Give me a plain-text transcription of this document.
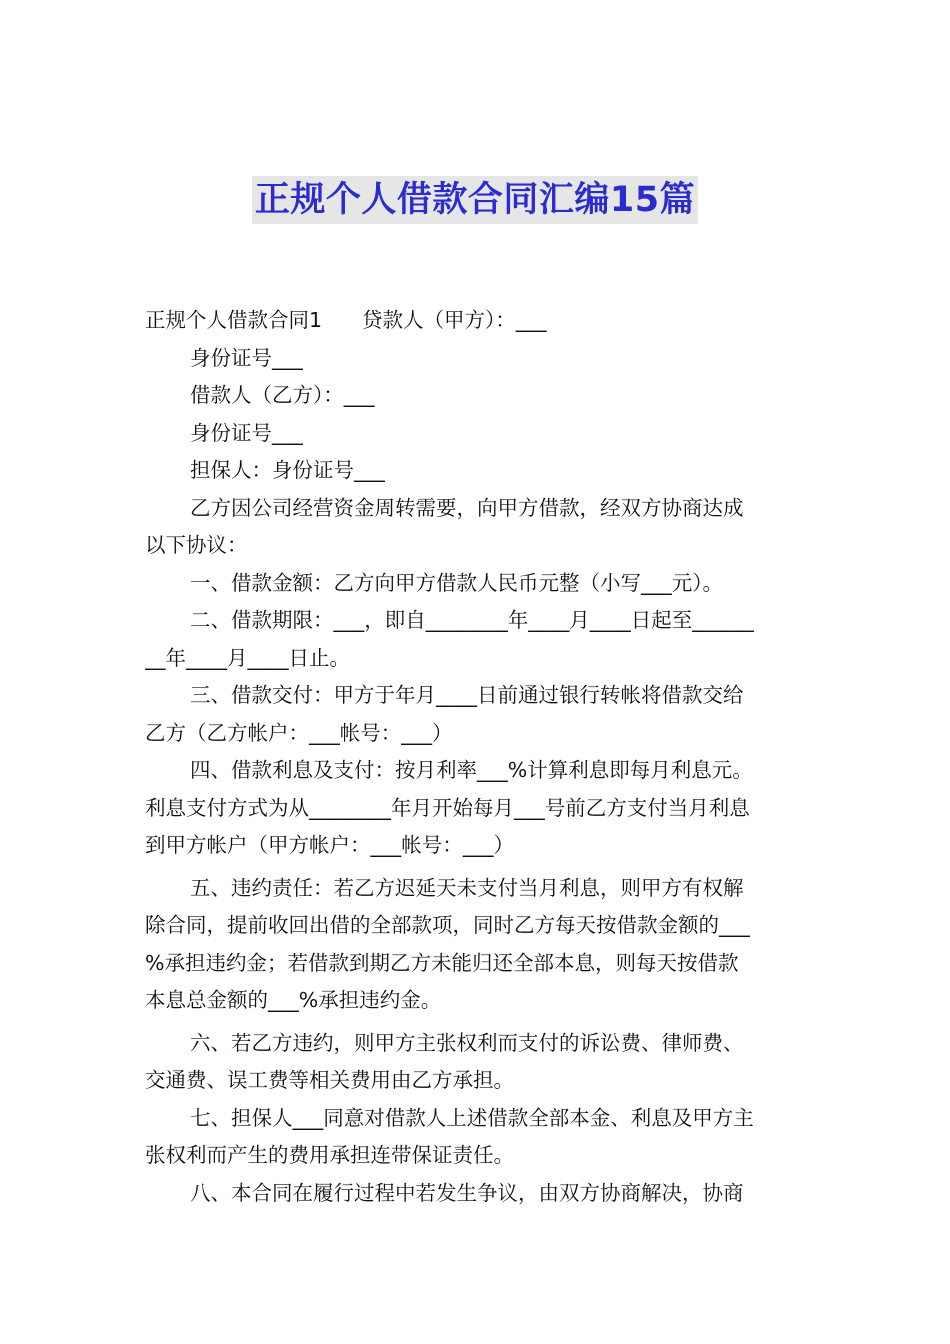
正规个人借款合同汇编15篇
正规个人借款合同1 贷款人（甲方）：___
身份证号___
借款人（乙方）：___
身份证号___
担保人：身份证号___
乙方因公司经营资金周转需要，向甲方借款，经双方协商达成
以下协议：
一、借款金额：乙方向甲方借款人民币元整（小写___元）。
二、借款期限：___，即自________年____月____日起至______
__年____月____日止。
三、借款交付：甲方于年月____日前通过银行转帐将借款交给
乙方（乙方帐户：___帐号：___）
四、借款利息及支付：按月利率___%计算利息即每月利息元。
利息支付方式为从________年月开始每月___号前乙方支付当月利息
到甲方帐户（甲方帐户：___帐号：___）
五、违约责任：若乙方迟延天未支付当月利息，则甲方有权解
除合同，提前收回出借的全部款项，同时乙方每天按借款金额的___
%承担违约金；若借款到期乙方未能归还全部本息，则每天按借款
本息总金额的___%承担违约金。
六、若乙方违约，则甲方主张权利而支付的诉讼费、律师费、
交通费、误工费等相关费用由乙方承担。
七、担保人___同意对借款人上述借款全部本金、利息及甲方主
张权利而产生的费用承担连带保证责任。
八、本合同在履行过程中若发生争议，由双方协商解决，协商
